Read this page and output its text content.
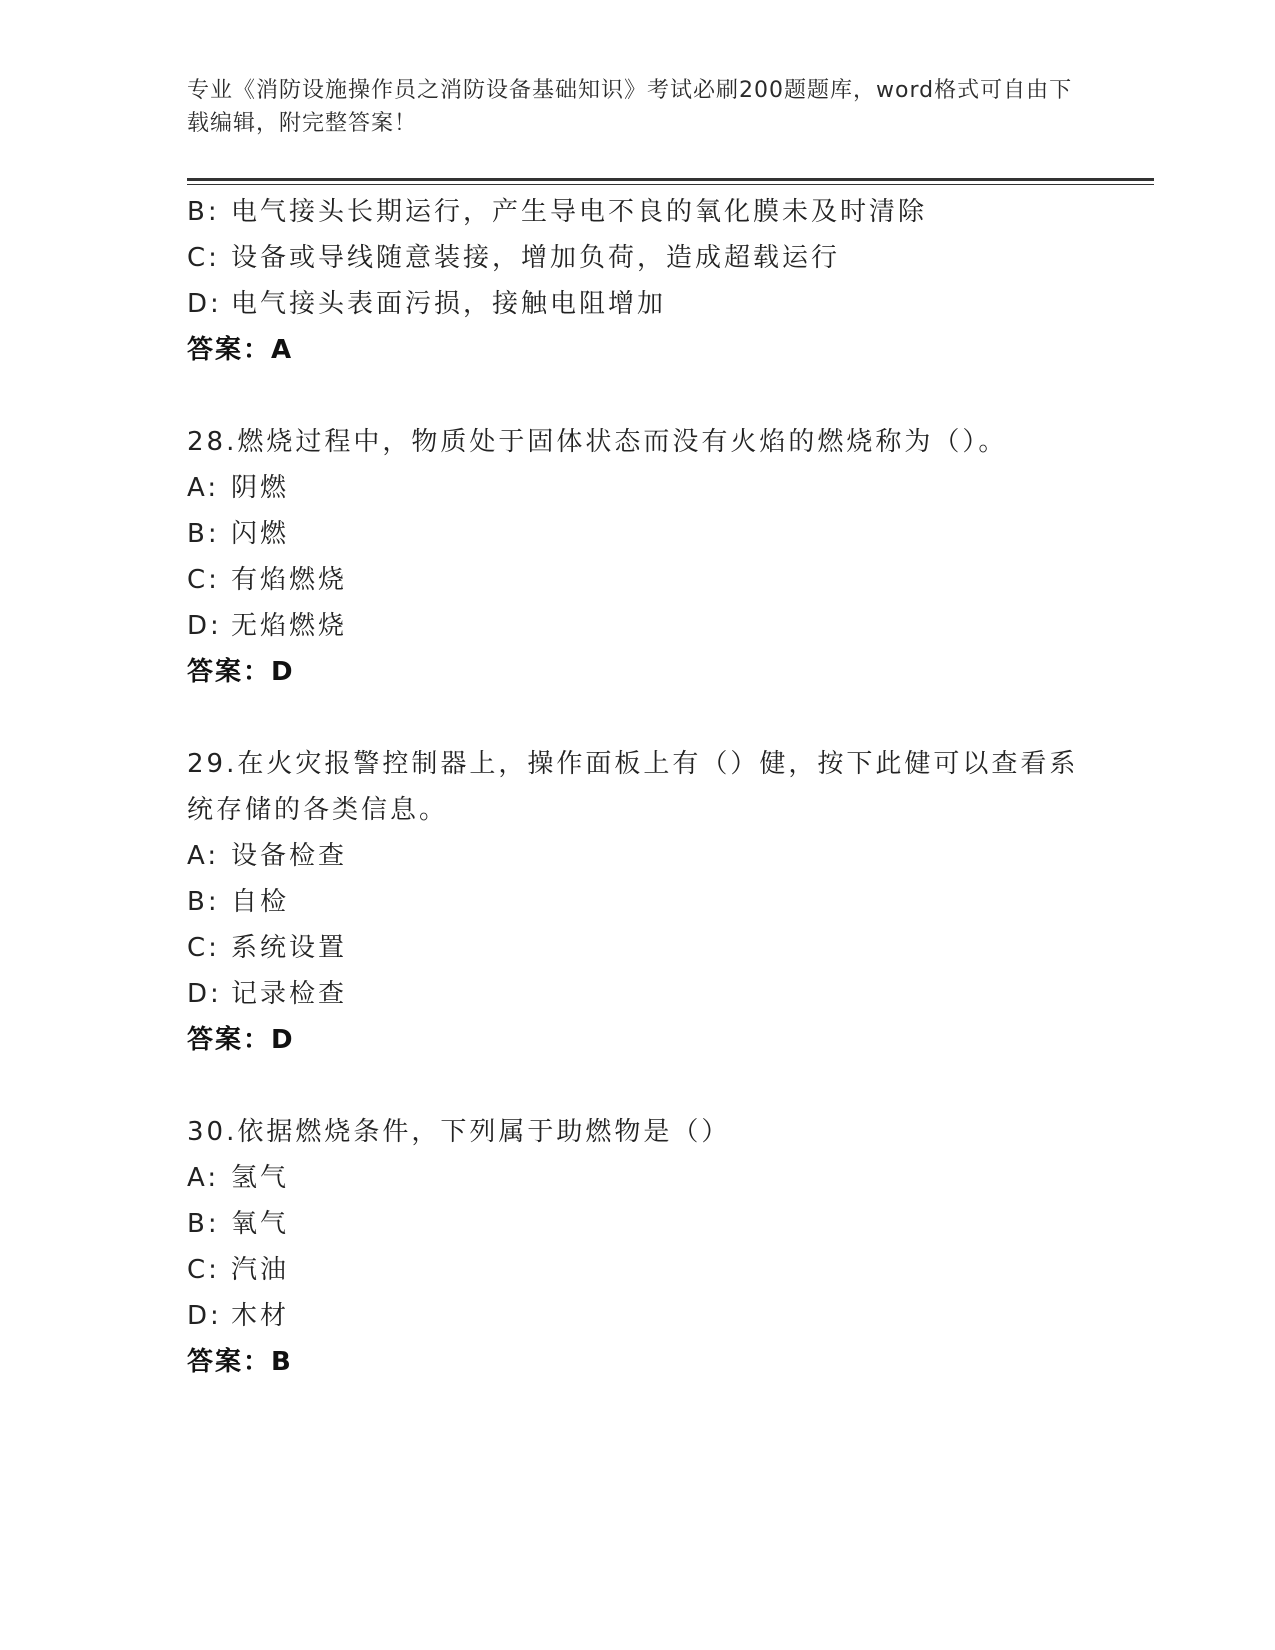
专业《消防设施操作员之消防设备基础知识》考试必刷200题题库，word格式可自由下载编辑，附完整答案！
B: 电气接头长期运行，产生导电不良的氧化膜未及时清除
C: 设备或导线随意装接，增加负荷，造成超载运行
D: 电气接头表面污损，接触电阻增加
答案：A
28.燃烧过程中，物质处于固体状态而没有火焰的燃烧称为（）。
A: 阴燃
B: 闪燃
C: 有焰燃烧
D: 无焰燃烧
答案：D
29.在火灾报警控制器上，操作面板上有（）健，按下此健可以查看系统存储的各类信息。
A: 设备检查
B: 自检
C: 系统设置
D: 记录检查
答案：D
30.依据燃烧条件，下列属于助燃物是（）
A: 氢气
B: 氧气
C: 汽油
D: 木材
答案：B
